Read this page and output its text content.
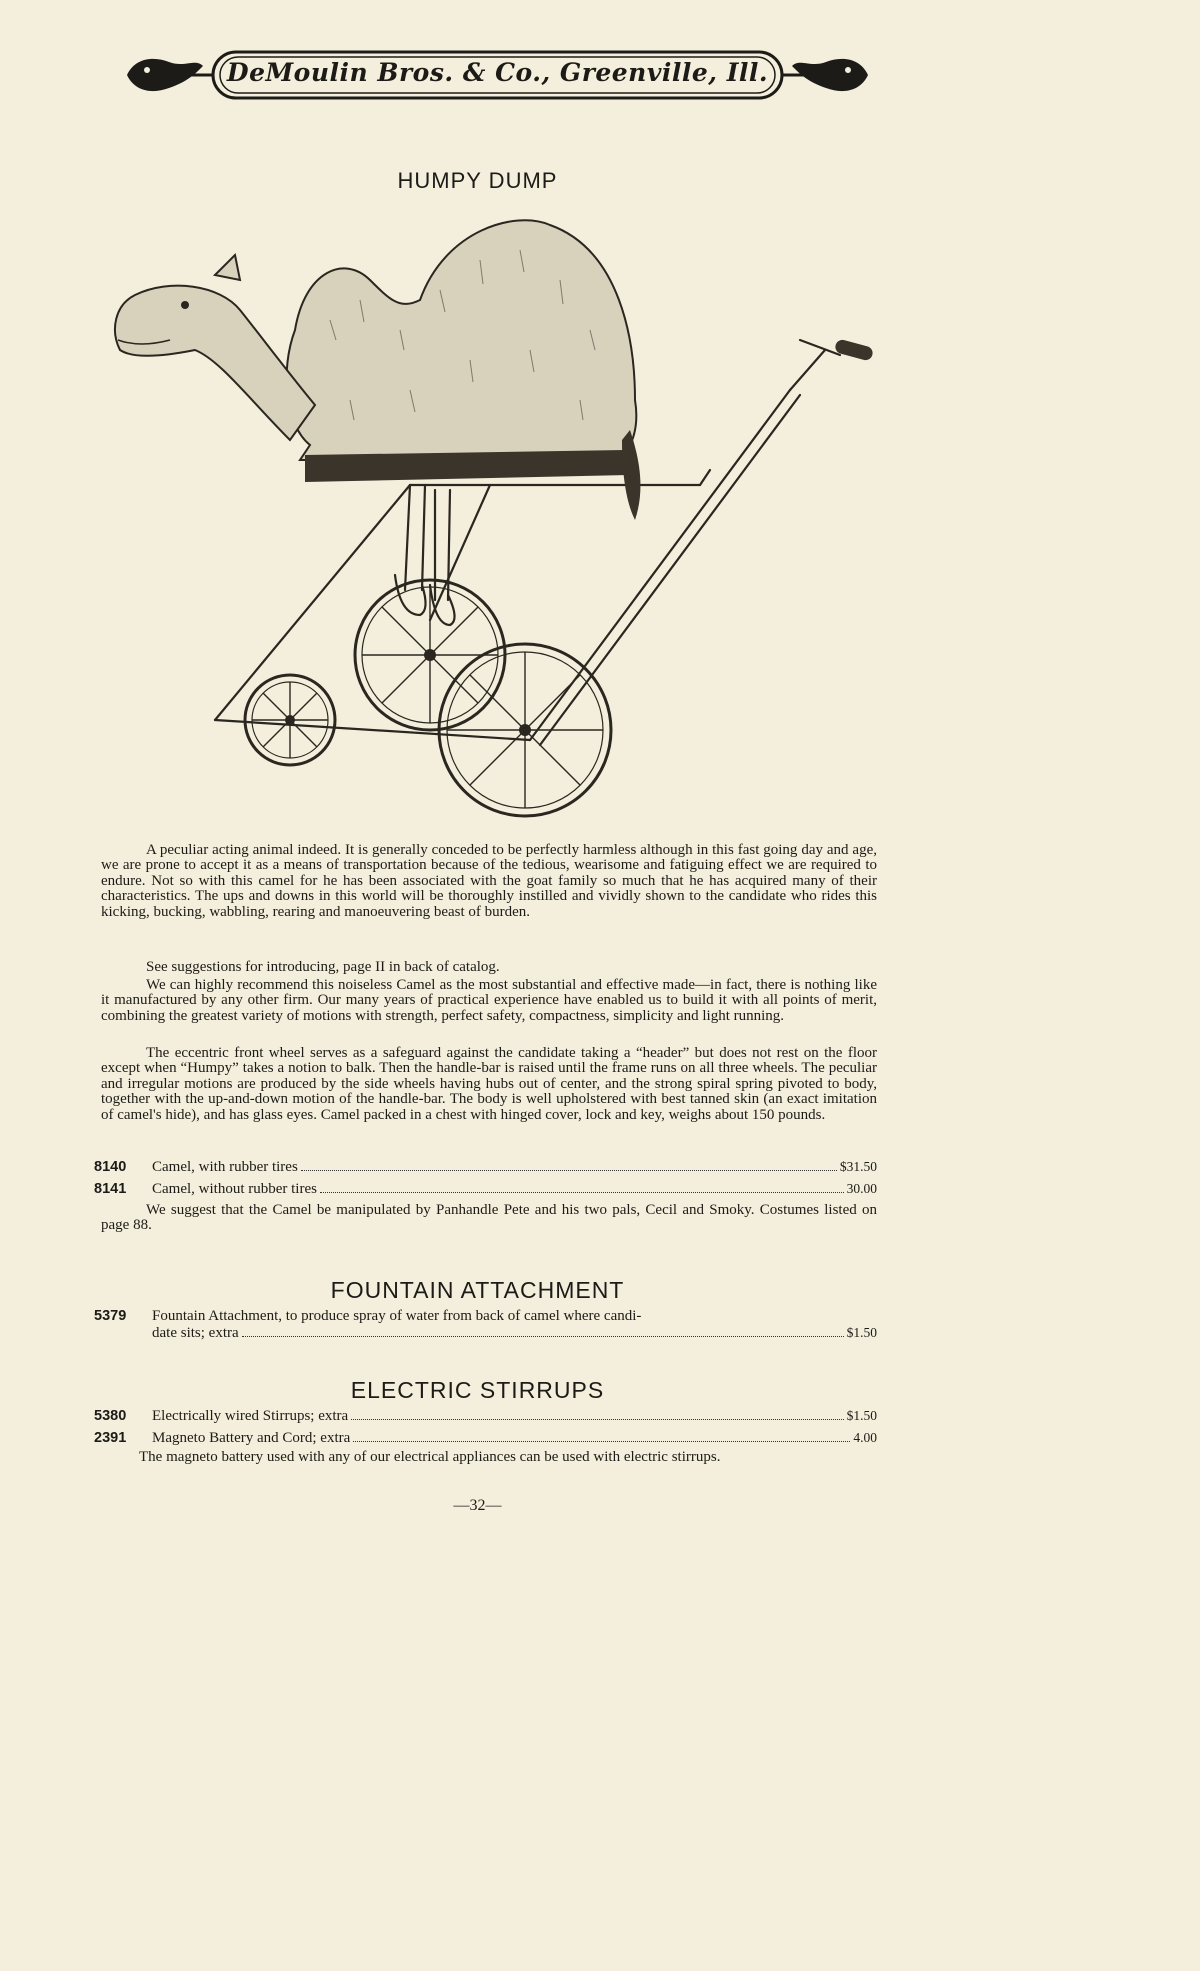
DeMoulin Bros. & Co., Greenville, Ill.
HUMPY DUMP
A peculiar acting animal indeed. It is generally conceded to be perfectly harmless although in this fast going day and age, we are prone to accept it as a means of transportation because of the tedious, wearisome and fatiguing effect we are required to endure. Not so with this camel for he has been associated with the goat family so much that he has acquired many of their characteristics. The ups and downs in this world will be thoroughly instilled and vividly shown to the candidate who rides this kicking, bucking, wabbling, rearing and manoeuvering beast of burden.
See suggestions for introducing, page II in back of catalog.
We can highly recommend this noiseless Camel as the most substantial and effective made—in fact, there is nothing like it manufactured by any other firm. Our many years of practical experience have enabled us to build it with all points of merit, combining the greatest variety of motions with strength, perfect safety, compactness, simplicity and light running.
The eccentric front wheel serves as a safeguard against the candidate taking a “header” but does not rest on the floor except when “Humpy” takes a notion to balk. Then the handle-bar is raised until the frame runs on all three wheels. The peculiar and irregular motions are produced by the side wheels having hubs out of center, and the strong spiral spring pivoted to body, together with the up-and-down motion of the handle-bar. The body is well upholstered with best tanned skin (an exact imitation of camel's hide), and has glass eyes. Camel packed in a chest with hinged cover, lock and key, weighs about 150 pounds.
8140	Camel, with rubber tires	$31.50
8141	Camel, without rubber tires	30.00
We suggest that the Camel be manipulated by Panhandle Pete and his two pals, Cecil and Smoky. Costumes listed on page 88.
FOUNTAIN ATTACHMENT
5379	Fountain Attachment, to produce spray of water from back of camel where candi-
date sits; extra	$1.50
ELECTRIC STIRRUPS
5380	Electrically wired Stirrups; extra	$1.50
2391	Magneto Battery and Cord; extra	4.00
The magneto battery used with any of our electrical appliances can be used with electric stirrups.
—32—
